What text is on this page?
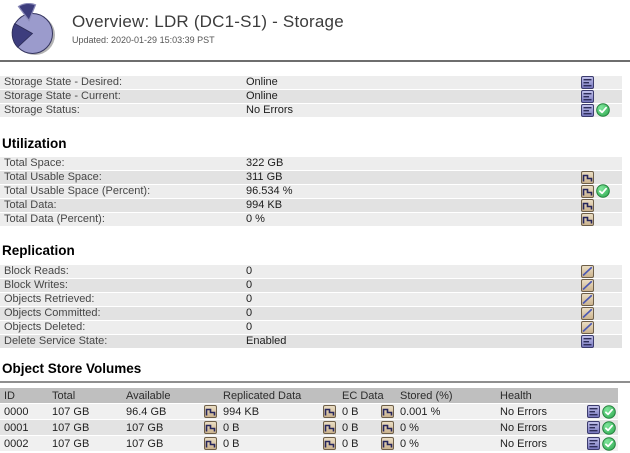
Overview: LDR (DC1-S1) - Storage
Updated: 2020-01-29 15:03:39 PST
Storage State - Desired:	Online
Storage State - Current:	Online
Storage Status:	No Errors
Utilization
Total Space:	322 GB
Total Usable Space:	311 GB
Total Usable Space (Percent):	96.534 %
Total Data:	994 KB
Total Data (Percent):	0 %
Replication
Block Reads:	0
Block Writes:	0
Objects Retrieved:	0
Objects Committed:	0
Objects Deleted:	0
Delete Service State:	Enabled
Object Store Volumes
ID	Total	Available	Replicated Data	EC Data	Stored (%)	Health
0000	107 GB	96.4 GB	994 KB	0 B	0.001 %	No Errors

0001	107 GB	107 GB	0 B	0 B	0 %	No Errors

0002	107 GB	107 GB	0 B	0 B	0 %	No Errors
